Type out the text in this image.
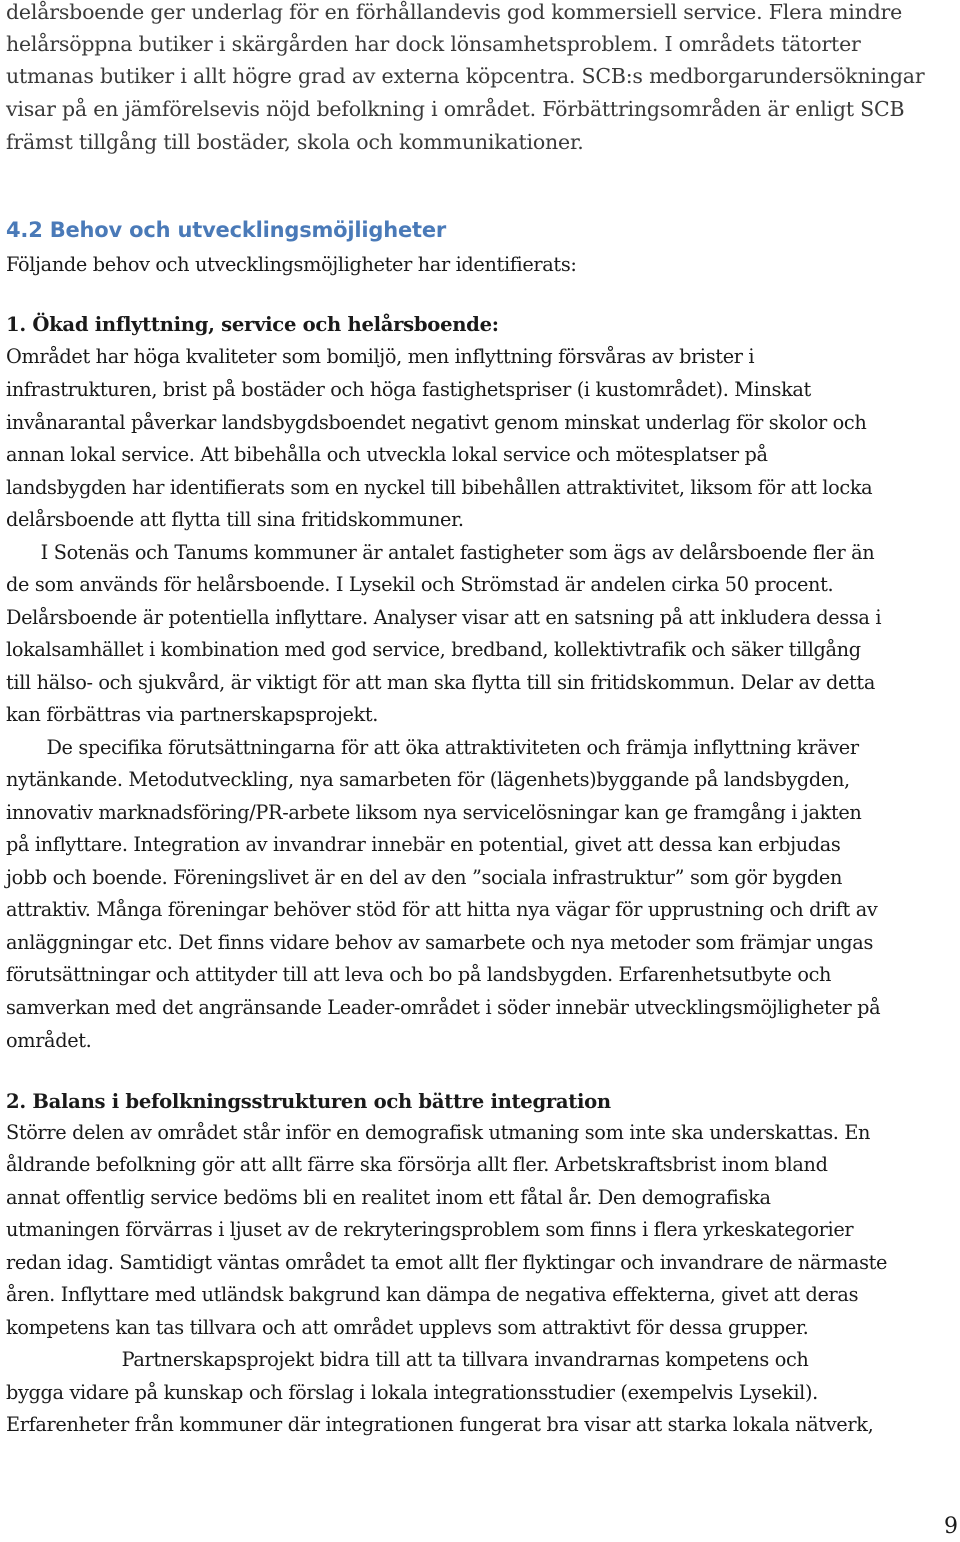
delårsboende ger underlag för en förhållandevis god kommersiell service. Flera mindre
helårsöppna butiker i skärgården har dock lönsamhetsproblem. I områdets tätorter
utmanas butiker i allt högre grad av externa köpcentra. SCB:s medborgarundersökningar
visar på en jämförelsevis nöjd befolkning i området. Förbättringsområden är enligt SCB
främst tillgång till bostäder, skola och kommunikationer.
4.2 Behov och utvecklingsmöjligheter
Följande behov och utvecklingsmöjligheter har identifierats:
1. Ökad inflyttning, service och helårsboende:
Området har höga kvaliteter som bomiljö, men inflyttning försvåras av brister i
infrastrukturen, brist på bostäder och höga fastighetspriser (i kustområdet). Minskat
invånarantal påverkar landsbygdsboendet negativt genom minskat underlag för skolor och
annan lokal service. Att bibehålla och utveckla lokal service och mötesplatser på
landsbygden har identifierats som en nyckel till bibehållen attraktivitet, liksom för att locka
delårsboende att flytta till sina fritidskommuner.
I Sotenäs och Tanums kommuner är antalet fastigheter som ägs av delårsboende fler än
de som används för helårsboende. I Lysekil och Strömstad är andelen cirka 50 procent.
Delårsboende är potentiella inflyttare. Analyser visar att en satsning på att inkludera dessa i
lokalsamhället i kombination med god service, bredband, kollektivtrafik och säker tillgång
till hälso- och sjukvård, är viktigt för att man ska flytta till sin fritidskommun. Delar av detta
kan förbättras via partnerskapsprojekt.
De specifika förutsättningarna för att öka attraktiviteten och främja inflyttning kräver
nytänkande. Metodutveckling, nya samarbeten för (lägenhets)byggande på landsbygden,
innovativ marknadsföring/PR-arbete liksom nya servicelösningar kan ge framgång i jakten
på inflyttare. Integration av invandrar innebär en potential, givet att dessa kan erbjudas
jobb och boende. Föreningslivet är en del av den ”sociala infrastruktur” som gör bygden
attraktiv. Många föreningar behöver stöd för att hitta nya vägar för upprustning och drift av
anläggningar etc. Det finns vidare behov av samarbete och nya metoder som främjar ungas
förutsättningar och attityder till att leva och bo på landsbygden. Erfarenhetsutbyte och
samverkan med det angränsande Leader-området i söder innebär utvecklingsmöjligheter på
området.
2. Balans i befolkningsstrukturen och bättre integration
Större delen av området står inför en demografisk utmaning som inte ska underskattas. En
åldrande befolkning gör att allt färre ska försörja allt fler. Arbetskraftsbrist inom bland
annat offentlig service bedöms bli en realitet inom ett fåtal år. Den demografiska
utmaningen förvärras i ljuset av de rekryteringsproblem som finns i flera yrkeskategorier
redan idag. Samtidigt väntas området ta emot allt fler flyktingar och invandrare de närmaste
åren. Inflyttare med utländsk bakgrund kan dämpa de negativa effekterna, givet att deras
kompetens kan tas tillvara och att området upplevs som attraktivt för dessa grupper.
Partnerskapsprojekt bidra till att ta tillvara invandrarnas kompetens och
bygga vidare på kunskap och förslag i lokala integrationsstudier (exempelvis Lysekil).
Erfarenheter från kommuner där integrationen fungerat bra visar att starka lokala nätverk,
9
